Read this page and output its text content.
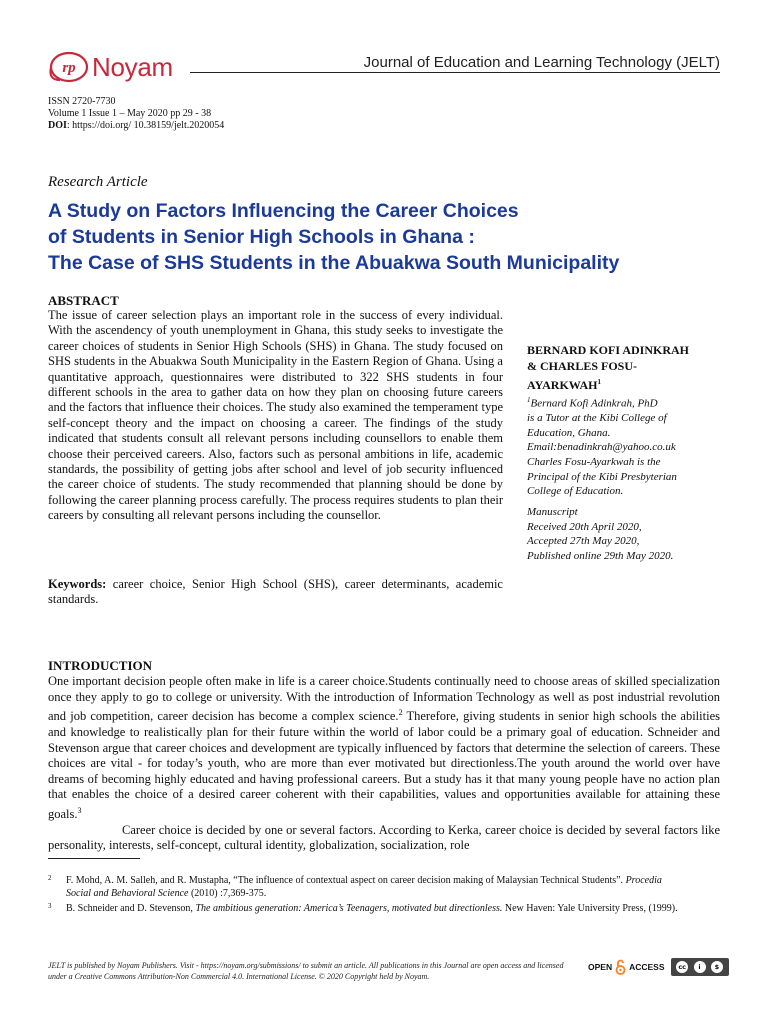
rp Noyam	Journal of Education and Learning Technology (JELT)
ISSN 2720-7730
Volume 1 Issue 1 – May 2020 pp 29 - 38
DOI: https://doi.org/ 10.38159/jelt.2020054
Research Article
A Study on Factors Influencing the Career Choices
of Students in Senior High Schools in Ghana :
The Case of SHS Students in the Abuakwa South Municipality
ABSTRACT
The issue of career selection plays an important role in the success of every individual. With the ascendency of youth unemployment in Ghana, this study seeks to investigate the career choices of students in Senior High Schools (SHS) in Ghana. The study focused on SHS students in the Abuakwa South Municipality in the Eastern Region of Ghana. Using a quantitative approach, questionnaires were distributed to 322 SHS students in four different schools in the area to gather data on how they plan on choosing future careers and the factors that influence their choices. The study also examined the temperament type self-concept theory and the impact on choosing a career. The findings of the study indicated that students consult all relevant persons including counsellors to enable them choose their perceived careers. Also, factors such as personal ambitions in life, academic standards, the possibility of getting jobs after school and level of job security influenced the career choice of students. The study recommended that planning should be done by following the career planning process carefully. The process requires students to plan their careers by consulting all relevant persons including the counsellor.
Keywords: career choice, Senior High School (SHS), career determinants, academic standards.
BERNARD KOFI ADINKRAH
& CHARLES FOSU-
AYARKWAH$^1$
$^1$Bernard Kofi Adinkrah, PhD
is a Tutor at the Kibi College of
Education, Ghana.
Email:benadinkrah@yahoo.co.uk
Charles Fosu-Ayarkwah is the
Principal of the Kibi Presbyterian
College of Education.
Manuscript
Received 20th April 2020,
Accepted 27th May 2020,
Published online 29th May 2020.
INTRODUCTION

One important decision people often make in life is a career choice.Students continually need to choose areas of skilled specialization once they apply to go to college or university. With the introduction of Information Technology as well as post industrial revolution and job competition, career decision has become a complex science.$^2$ Therefore, giving students in senior high schools the abilities and knowledge to realistically plan for their future within the world of labor could be a primary goal of education. Schneider and Stevenson argue that career choices and development are typically influenced by factors that determine the selection of careers. These choices are vital - for today’s youth, who are more than ever motivated but directionless.The youth around the world over have dreams of becoming highly educated and having professional careers. But a study has it that many young people have no action plan that enables the choice of a desired career coherent with their capabilities, values and opportunities available for attaining these goals.$^3$

Career choice is decided by one or several factors. According to Kerka, career choice is decided by several factors like personality, interests, self-concept, cultural identity, globalization, socialization, role

2 F. Mohd, A. M. Salleh, and R. Mustapha, “The influence of contextual aspect on career decision making of Malaysian Technical Students”. Procedia Social and Behavioral Science (2010) :7,369-375.
3 B. Schneider and D. Stevenson, The ambitious generation: America’s Teenagers, motivated but directionless. New Haven: Yale University Press, (1999).
JELT is published by Noyam Publishers. Visit - https://noyam.org/submissions/ to submit an article. All publications in this Journal are open access and licensed under a Creative Commons Attribution-Non Commercial 4.0. International License. © 2020 Copyright held by Noyam.
OPEN ACCESS	cc	i	$
